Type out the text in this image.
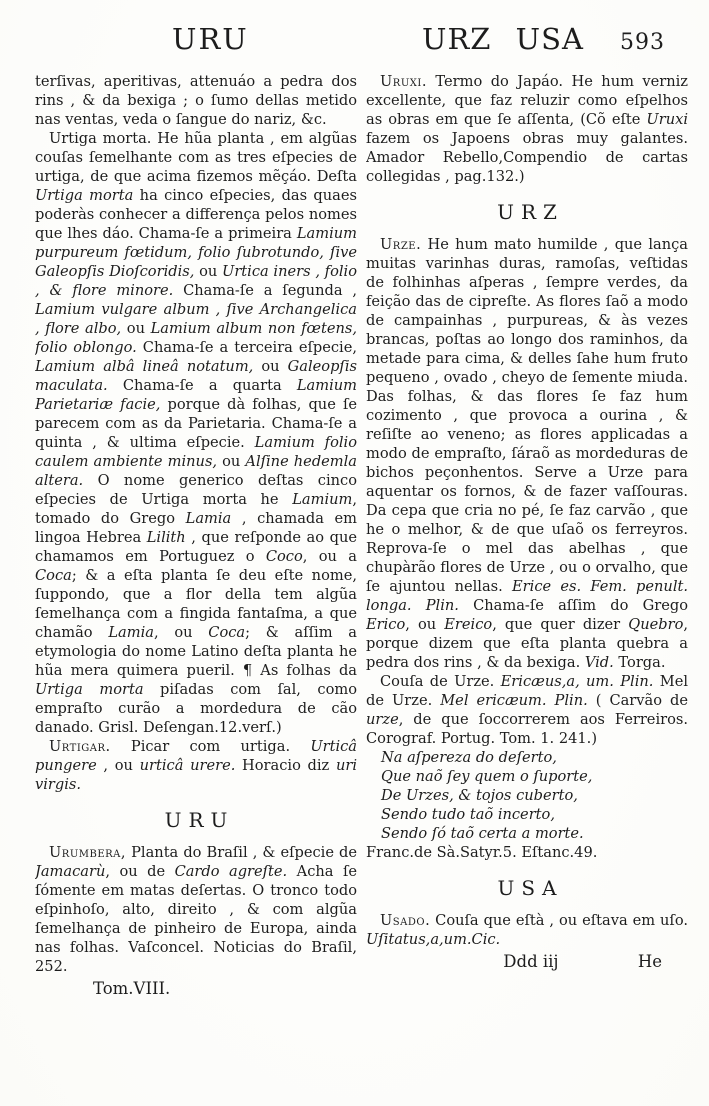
URU	URZ USA 593

terſivas, aperitivas, attenuáo a pedra dos rins , & da bexiga ; o ſumo dellas metido nas ventas, veda o ſangue do nariz, &c.

Urtiga morta. He hũa planta , em algũas couſas ſemelhante com as tres eſpecies de urtiga, de que acima fizemos mẽçáo. Deſta Urtiga morta ha cinco eſpecies, das quaes poderàs conhecer a differença pelos nomes que lhes dáo. Chama-ſe a primeira Lamium purpureum fœtidum, folio ſubrotundo, ſive Galeopſis Dioſcoridis, ou Urtica iners , folio , & flore minore. Chama-ſe a ſegunda , Lamium vulgare album , ſive Archangelica , flore albo, ou Lamium album non fœtens, folio oblongo. Chama-ſe a terceira eſpecie, Lamium albâ lineâ notatum, ou Galeopſis maculata. Chama-ſe a quarta Lamium Parietariæ facie, porque dà folhas, que ſe parecem com as da Parietaria. Chama-ſe a quinta , & ultima eſpecie. Lamium folio caulem ambiente minus, ou Alſine hedemla altera. O nome generico deſtas cinco eſpecies de Urtiga morta he Lamium, tomado do Grego Lamia , chamada em lingoa Hebrea Lilith , que reſponde ao que chamamos em Portuguez o Coco, ou a Coca; & a eſta planta ſe deu eſte nome, ſuppondo, que a flor della tem algũa ſemelhança com a fingida fantaſma, a que chamão Lamia, ou Coca; & aſſim a etymologia do nome Latino deſta planta he hũa mera quimera pueril. ¶ As folhas da Urtiga morta piſadas com ſal, como empraſto curão a mordedura de cão danado. Grisl. Deſengan.12.verſ.)

Urtigar. Picar com urtiga. Urticâ pungere , ou urticâ urere. Horacio diz uri virgis.

URU

Urumbera, Planta do Braſil , & eſpecie de Jamacarù, ou de Cardo agreſte. Acha ſe ſómente em matas deſertas. O tronco todo eſpinhoſo, alto, direito , & com algũa ſemelhança de pinheiro de Europa, ainda nas folhas. Vaſconcel. Noticias do Braſil, 252.

Tom.VIII.

Uruxi. Termo do Japáo. He hum verniz excellente, que faz reluzir como eſpelhos as obras em que ſe aſſenta, (Cõ eſte Uruxi fazem os Japoens obras muy galantes. Amador Rebello,Compendio de cartas collegidas , pag.132.)

URZ

Urze. He hum mato humilde , que lança muitas varinhas duras, ramoſas, veſtidas de folhinhas aſperas , ſempre verdes, da feição das de cipreſte. As flores ſaõ a modo de campainhas , purpureas, & às vezes brancas, poſtas ao longo dos raminhos, da metade para cima, & delles ſahe hum fruto pequeno , ovado , cheyo de ſemente miuda. Das folhas, & das flores ſe faz hum cozimento , que provoca a ourina , & reſiſte ao veneno; as flores applicadas a modo de empraſto, ſáraõ as mordeduras de bichos peçonhentos. Serve a Urze para aquentar os fornos, & de fazer vaſſouras. Da cepa que cria no pé, ſe faz carvão , que he o melhor, & de que uſaõ os ferreyros. Reprova-ſe o mel das abelhas , que chupàrão flores de Urze , ou o orvalho, que ſe ajuntou nellas. Erice es. Fem. penult. longa. Plin. Chama-ſe aſſim do Grego Erico, ou Ereico, que quer dizer Quebro, porque dizem que eſta planta quebra a pedra dos rins , & da bexiga. Vid. Torga.

Couſa de Urze. Ericæus,a, um. Plin. Mel de Urze. Mel ericæum. Plin. ( Carvão de urze, de que ſoccorrerem aos Ferreiros. Corograf. Portug. Tom. 1. 241.)

Na aſpereza do deſerto,
Que naõ ſey quem o ſuporte,
De Urzes, & tojos cuberto,
Sendo tudo taõ incerto,
Sendo ſó taõ certa a morte.

Franc.de Sà.Satyr.5. Eſtanc.49.

USA

Usado. Couſa que eſtà , ou eſtava em uſo. Uſitatus,a,um.Cic.

Ddd iij	He
